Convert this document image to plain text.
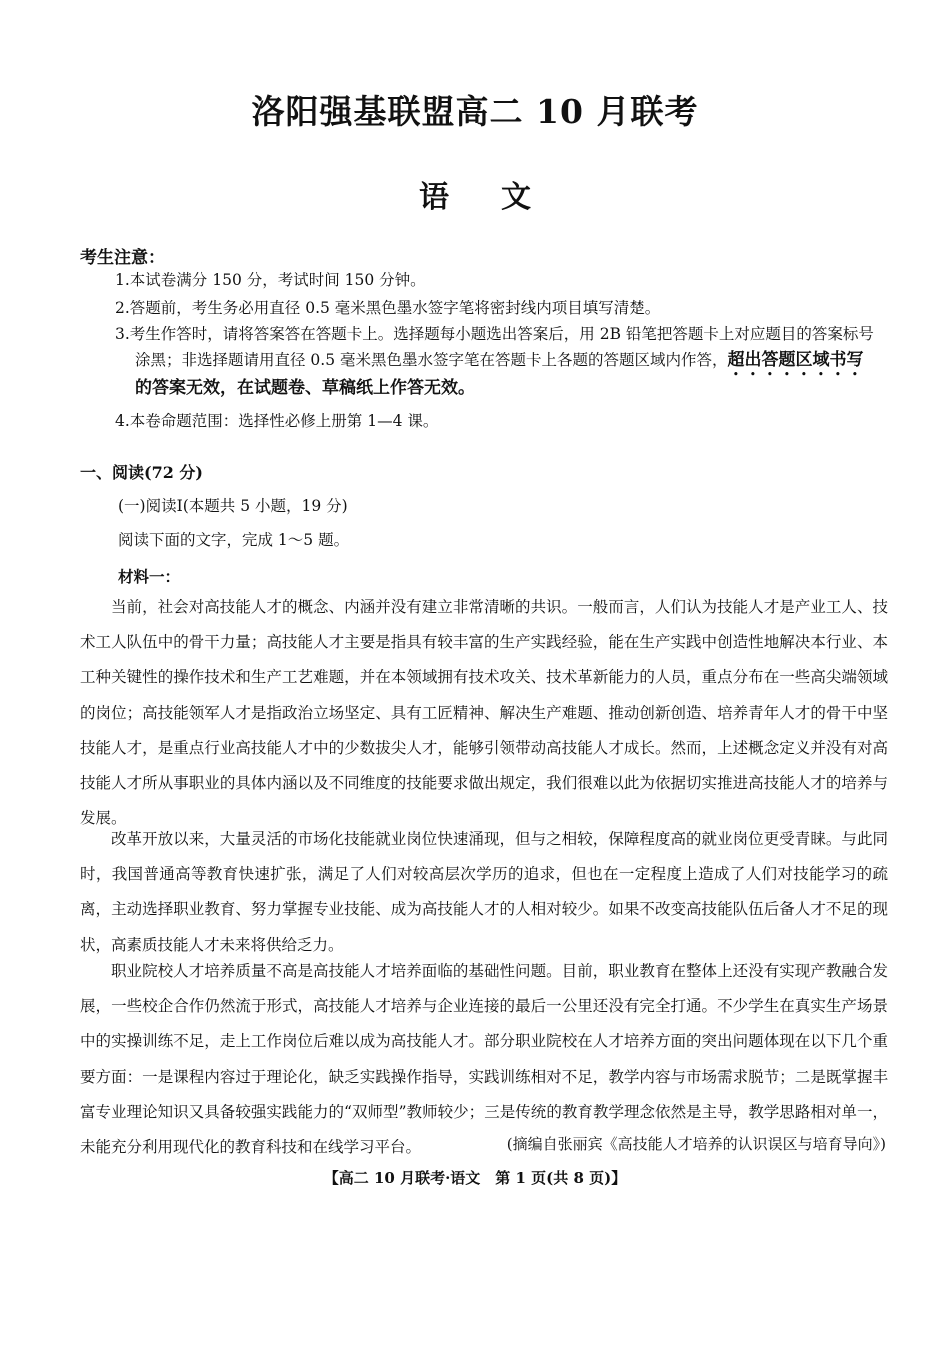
洛阳强基联盟高二 10 月联考
语文
考生注意：
1.本试卷满分 150 分，考试时间 150 分钟。
2.答题前，考生务必用直径 0.5 毫米黑色墨水签字笔将密封线内项目填写清楚。
3.考生作答时，请将答案答在答题卡上。选择题每小题选出答案后，用 2B 铅笔把答题卡上对应题目的答案标号
涂黑；非选择题请用直径 0.5 毫米黑色墨水签字笔在答题卡上各题的答题区域内作答，超出答题区域书写
的答案无效，在试题卷、草稿纸上作答无效。
4.本卷命题范围：选择性必修上册第 1—4 课。
一、阅读(72 分)
(一)阅读Ⅰ(本题共 5 小题，19 分)
阅读下面的文字，完成 1～5 题。
材料一：
当前，社会对高技能人才的概念、内涵并没有建立非常清晰的共识。一般而言，人们认为技能人才是产业工人、技术工人队伍中的骨干力量；高技能人才主要是指具有较丰富的生产实践经验，能在生产实践中创造性地解决本行业、本工种关键性的操作技术和生产工艺难题，并在本领域拥有技术攻关、技术革新能力的人员，重点分布在一些高尖端领域的岗位；高技能领军人才是指政治立场坚定、具有工匠精神、解决生产难题、推动创新创造、培养青年人才的骨干中坚技能人才，是重点行业高技能人才中的少数拔尖人才，能够引领带动高技能人才成长。然而，上述概念定义并没有对高技能人才所从事职业的具体内涵以及不同维度的技能要求做出规定，我们很难以此为依据切实推进高技能人才的培养与发展。
改革开放以来，大量灵活的市场化技能就业岗位快速涌现，但与之相较，保障程度高的就业岗位更受青睐。与此同时，我国普通高等教育快速扩张，满足了人们对较高层次学历的追求，但也在一定程度上造成了人们对技能学习的疏离，主动选择职业教育、努力掌握专业技能、成为高技能人才的人相对较少。如果不改变高技能队伍后备人才不足的现状，高素质技能人才未来将供给乏力。
职业院校人才培养质量不高是高技能人才培养面临的基础性问题。目前，职业教育在整体上还没有实现产教融合发展，一些校企合作仍然流于形式，高技能人才培养与企业连接的最后一公里还没有完全打通。不少学生在真实生产场景中的实操训练不足，走上工作岗位后难以成为高技能人才。部分职业院校在人才培养方面的突出问题体现在以下几个重要方面：一是课程内容过于理论化，缺乏实践操作指导，实践训练相对不足，教学内容与市场需求脱节；二是既掌握丰富专业理论知识又具备较强实践能力的“双师型”教师较少；三是传统的教育教学理念依然是主导，教学思路相对单一，未能充分利用现代化的教育科技和在线学习平台。	(摘编自张丽宾《高技能人才培养的认识误区与培育导向》)
【高二 10 月联考·语文　第 1 页(共 8 页)】
